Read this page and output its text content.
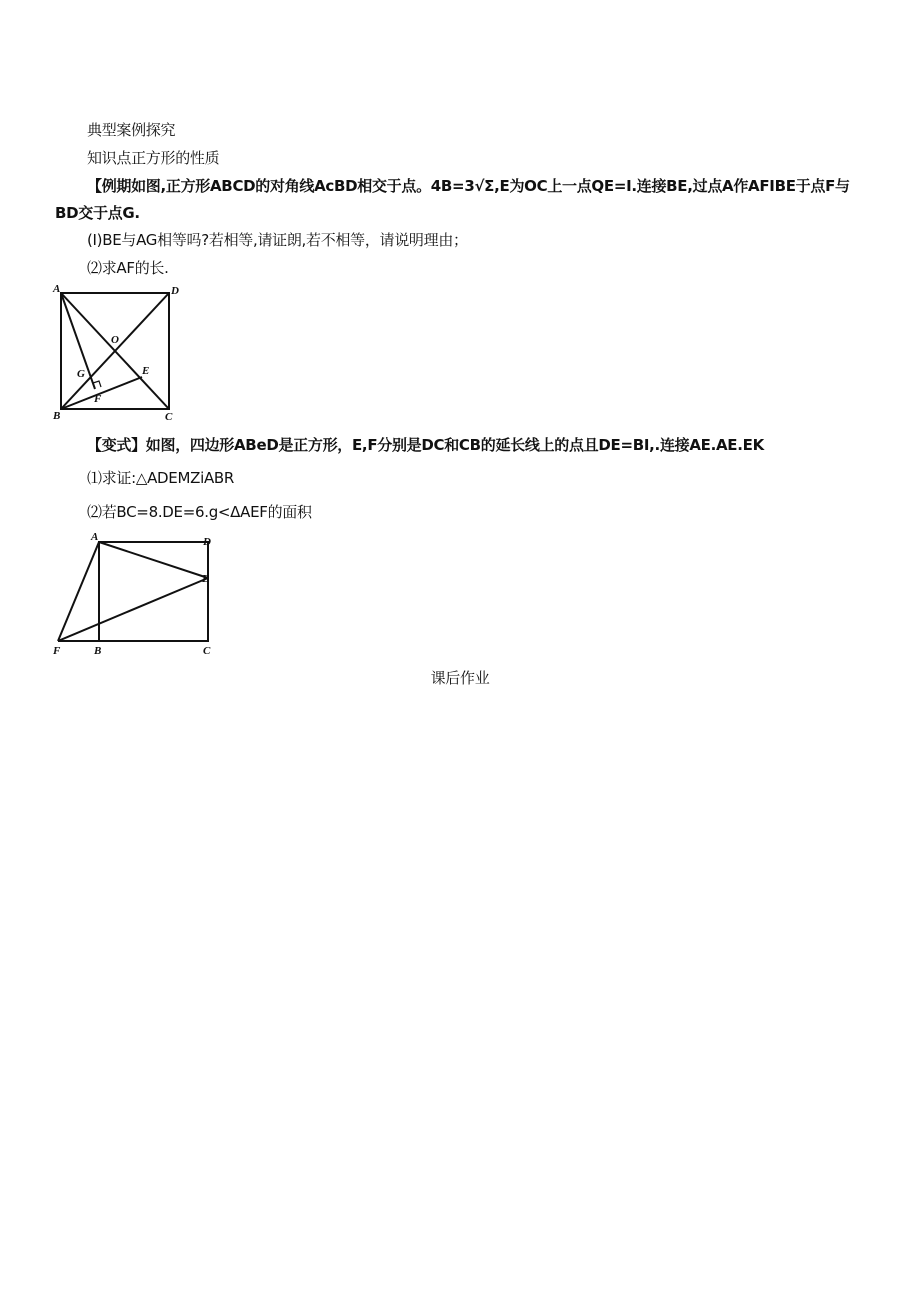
典型案例探究
知识点正方形的性质
【例期如图,正方形ABCD的对角线AcBD相交于点。4B=3√Σ,E为OC上一点QE=I.连接BE,过点A作AFIBE于点F与
BD交于点G.
(I)BE与AG相等吗?若相等,请证朗,若不相等，请说明理由；
⑵求AF的长.
A	D
O
G	E
F
B	C
【变式】如图，四边形ABeD是正方形，E,F分别是DC和CB的延长线上的点且DE=BI,.连接AE.AE.EK
⑴求证:△ADEMZiABR
⑵若BC=8.DE=6.g<ΔAEF的面积
A	D
E
F	B	C
课后作业
